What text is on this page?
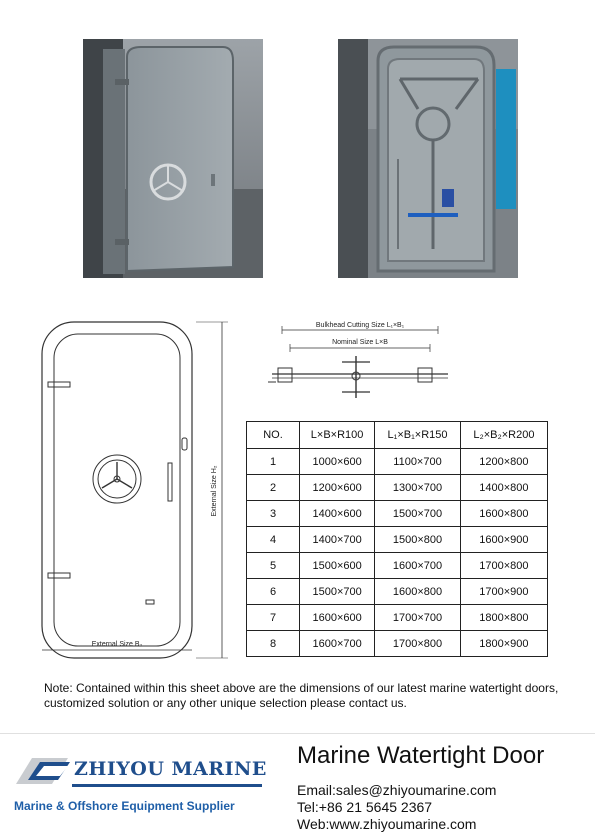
External Size H₂
External Size B₂
Bulkhead Cutting Size L₁×B₁
Nominal Size L×B
NO.	L×B×R100	L₁×B₁×R150	L₂×B₂×R200
1	1000×600	1100×700	1200×800
2	1200×600	1300×700	1400×800
3	1400×600	1500×700	1600×800
4	1400×700	1500×800	1600×900
5	1500×600	1600×700	1700×800
6	1500×700	1600×800	1700×900
7	1600×600	1700×700	1800×800
8	1600×700	1700×800	1800×900
Note: Contained within this sheet above are the dimensions of our latest marine watertight doors, customized solution or any other unique selection please contact us.
ZHIYOU MARINE
Marine & Offshore Equipment Supplier
Marine Watertight Door
Email:sales@zhiyoumarine.com
Tel:+86 21 5645 2367
Web:www.zhiyoumarine.com
